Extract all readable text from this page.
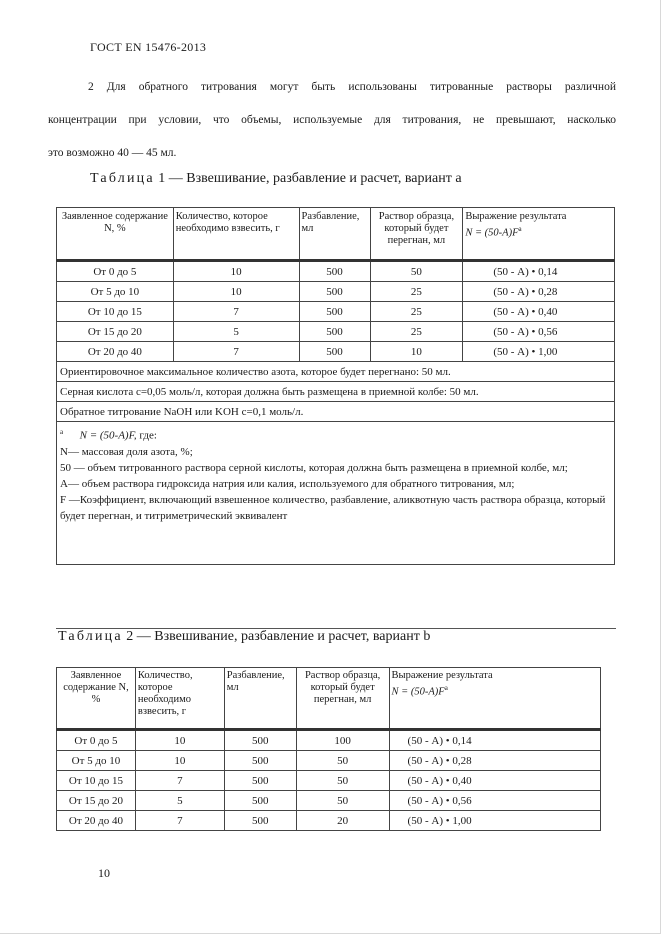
ГОСТ EN 15476-2013
2 Для обратного титрования могут быть использованы титрованные растворы различной
концентрации при условии, что объемы, используемые для титрования, не превышают, насколько
это возможно 40 — 45 мл.
Таблица 1 — Взвешивание, разбавление и расчет, вариант а
Заявленное содержание N, %	Количество, которое необходимо взвесить, г	Разбавление, мл	Раствор образца, который будет перегнан, мл	Выражение результата
$N = (50-A)F^a$
От 0 до 5	10	500	50	(50 - А) • 0,14
От 5 до 10	10	500	25	(50 - А) • 0,28
От 10 до 15	7	500	25	(50 - А) • 0,40
От 15 до 20	5	500	25	(50 - А) • 0,56
От 20 до 40	7	500	10	(50 - А) • 1,00
Ориентировочное максимальное количество азота, которое будет перегнано: 50 мл.				
Серная кислота c=0,05 моль/л, которая должна быть размещена в приемной колбе: 50 мл.				
Обратное титрование NaOH или KOH c=0,1 моль/л.				

$^a$ N = (50-A)F, где:
N— массовая доля азота, %;
50 — объем титрованного раствора серной кислоты, которая должна быть размещена в приемной колбе, мл;
A— объем раствора гидроксида натрия или калия, используемого для обратного титрования, мл;
F —Коэффициент, включающий взвешенное количество, разбавление, аликвотную часть раствора образца, который будет перегнан, и титриметрический эквивалент				
Таблица 2 — Взвешивание, разбавление и расчет, вариант b
Заявленное содержание N, %	Количество, которое необходимо взвесить, г	Разбавление, мл	Раствор образца, который будет перегнан, мл	Выражение результата
$N = (50-A)F^a$
От 0 до 5	10	500	100	(50 - А) • 0,14
От 5 до 10	10	500	50	(50 - А) • 0,28
От 10 до 15	7	500	50	(50 - А) • 0,40
От 15 до 20	5	500	50	(50 - А) • 0,56
От 20 до 40	7	500	20	(50 - А) • 1,00
10
